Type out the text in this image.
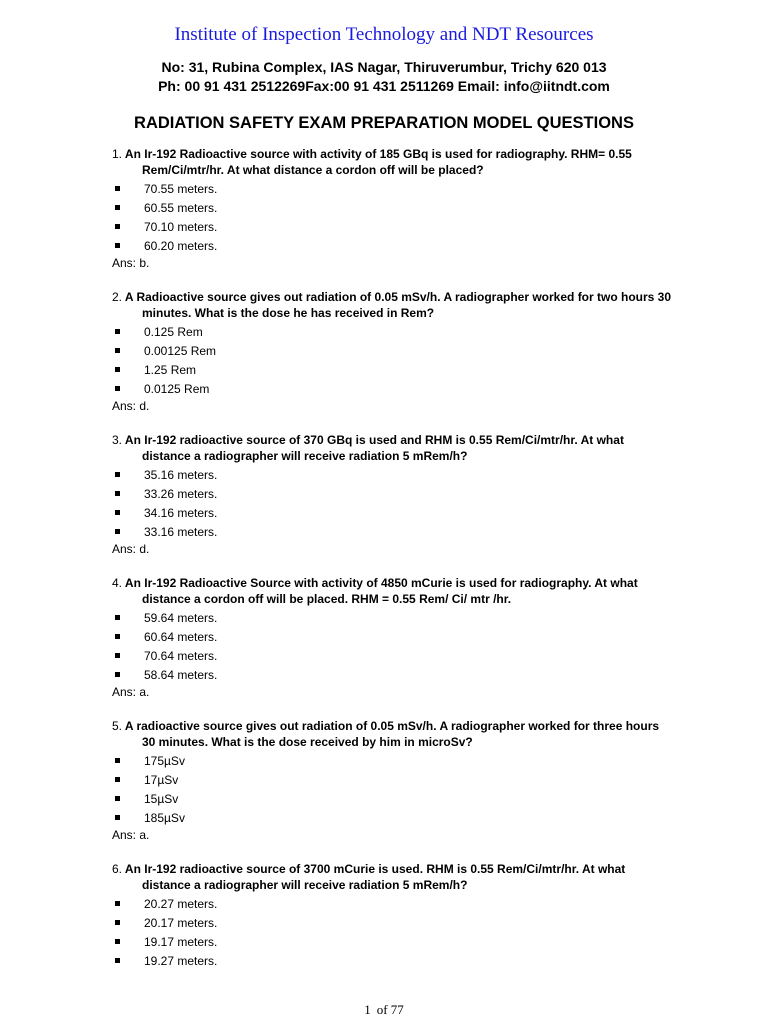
Institute of Inspection Technology and NDT Resources
No: 31, Rubina Complex, IAS Nagar, Thiruverumbur, Trichy 620 013
Ph: 00 91 431 2512269Fax:00 91 431 2511269 Email: info@iitndt.com
RADIATION SAFETY EXAM PREPARATION MODEL QUESTIONS
1. An Ir-192 Radioactive source with activity of 185 GBq is used for radiography. RHM= 0.55 Rem/Ci/mtr/hr. At what distance a cordon off will be placed?
70.55 meters.
60.55 meters.
70.10 meters.
60.20 meters.
Ans: b.
2. A Radioactive source gives out radiation of 0.05 mSv/h. A radiographer worked for two hours 30 minutes. What is the dose he has received in Rem?
0.125 Rem
0.00125 Rem
1.25 Rem
0.0125 Rem
Ans: d.
3. An Ir-192 radioactive source of 370 GBq is used and RHM is 0.55 Rem/Ci/mtr/hr. At what distance a radiographer will receive radiation 5 mRem/h?
35.16 meters.
33.26 meters.
34.16 meters.
33.16 meters.
Ans: d.
4. An Ir-192 Radioactive Source with activity of 4850 mCurie is used for radiography. At what distance a cordon off will be placed. RHM = 0.55 Rem/ Ci/ mtr /hr.
59.64 meters.
60.64 meters.
70.64 meters.
58.64 meters.
Ans: a.
5. A radioactive source gives out radiation of 0.05 mSv/h. A radiographer worked for three hours 30 minutes. What is the dose received by him in microSv?
175µSv
17µSv
15µSv
185µSv
Ans: a.
6. An Ir-192 radioactive source of 3700 mCurie is used. RHM is 0.55 Rem/Ci/mtr/hr. At what distance a radiographer will receive radiation 5 mRem/h?
20.27 meters.
20.17 meters.
19.17 meters.
19.27 meters.
1 of 77
